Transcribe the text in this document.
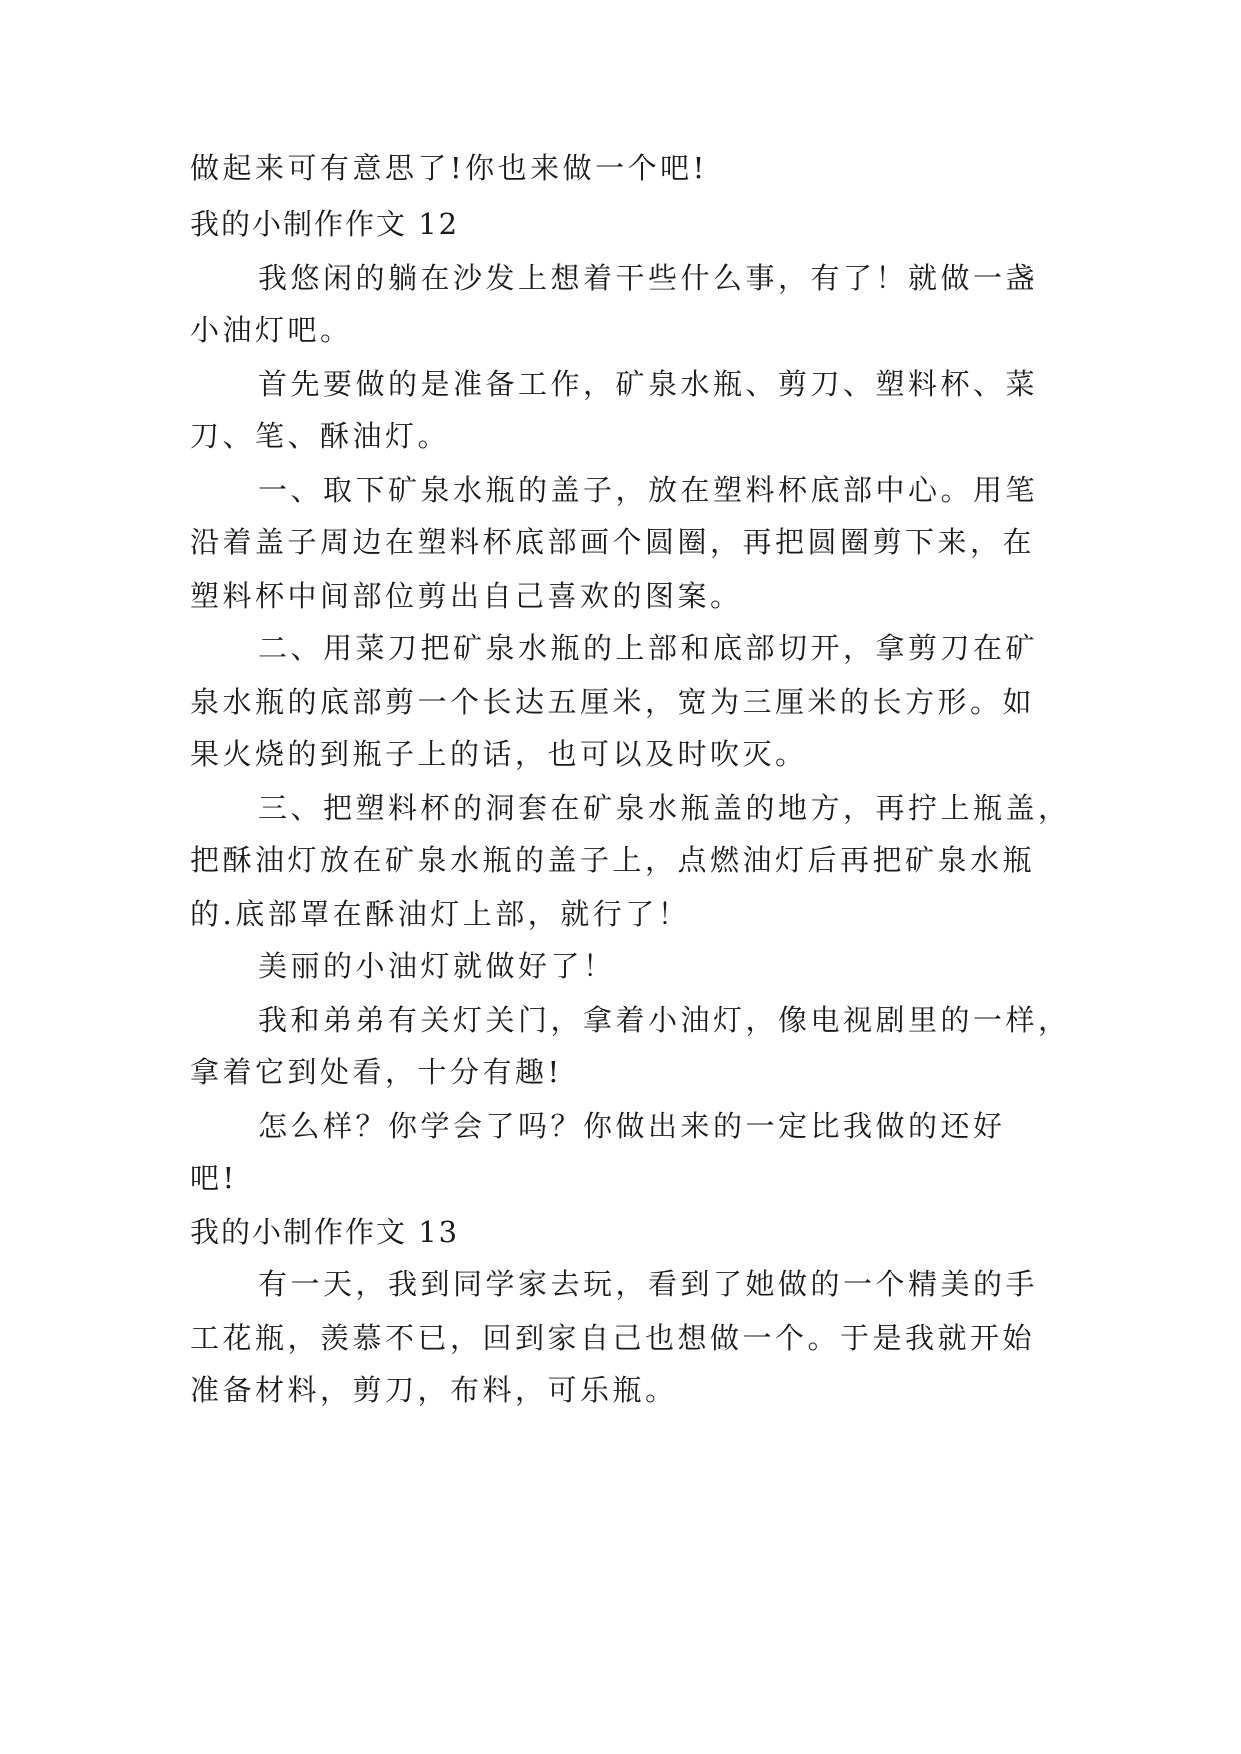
做起来可有意思了!你也来做一个吧!
我的小制作作文 12
我悠闲的躺在沙发上想着干些什么事，有了！就做一盏
小油灯吧。
首先要做的是准备工作，矿泉水瓶、剪刀、塑料杯、菜
刀、笔、酥油灯。
一、取下矿泉水瓶的盖子，放在塑料杯底部中心。用笔
沿着盖子周边在塑料杯底部画个圆圈，再把圆圈剪下来，在
塑料杯中间部位剪出自己喜欢的图案。
二、用菜刀把矿泉水瓶的上部和底部切开，拿剪刀在矿
泉水瓶的底部剪一个长达五厘米，宽为三厘米的长方形。如
果火烧的到瓶子上的话，也可以及时吹灭。
三、把塑料杯的洞套在矿泉水瓶盖的地方，再拧上瓶盖，
把酥油灯放在矿泉水瓶的盖子上，点燃油灯后再把矿泉水瓶
的.底部罩在酥油灯上部，就行了！
美丽的小油灯就做好了！
我和弟弟有关灯关门，拿着小油灯，像电视剧里的一样，
拿着它到处看，十分有趣!
怎么样？你学会了吗？你做出来的一定比我做的还好
吧!
我的小制作作文 13
有一天，我到同学家去玩，看到了她做的一个精美的手
工花瓶，羡慕不已，回到家自己也想做一个。于是我就开始
准备材料，剪刀，布料，可乐瓶。
